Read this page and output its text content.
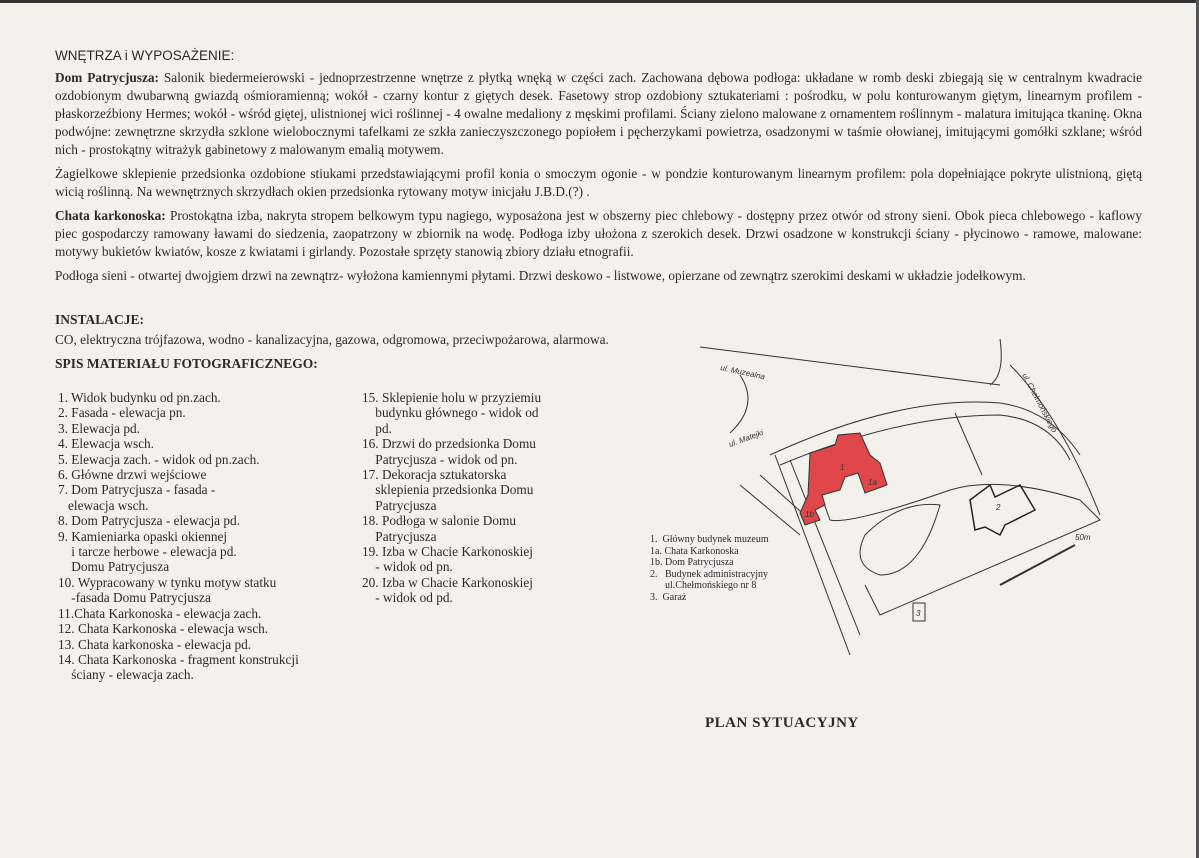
WNĘTRZA i WYPOSAŻENIE:
Dom Patrycjusza: Salonik biedermeierowski - jednoprzestrzenne wnętrze z płytką wnęką w części zach. Zachowana dębowa podłoga: układane w romb deski zbiegają się w centralnym kwadracie ozdobionym dwubarwną gwiazdą ośmioramienną; wokół - czarny kontur z giętych desek. Fasetowy strop ozdobiony sztukateriami : pośrodku, w polu konturowanym giętym, linearnym profilem - płaskorzeźbiony Hermes; wokół - wśród giętej, ulistnionej wici roślinnej - 4 owalne medaliony z męskimi profilami. Ściany zielono malowane z ornamentem roślinnym - malatura imitująca tkaninę. Okna podwójne: zewnętrzne skrzydła szklone wielobocznymi tafelkami ze szkła zanieczyszczonego popiołem i pęcherzykami powietrza, osadzonymi w taśmie ołowianej, imitującymi gomółki szklane; wśród nich - prostokątny witrażyk gabinetowy z malowanym emalią motywem.
Żagielkowe sklepienie przedsionka ozdobione stiukami przedstawiającymi profil konia o smoczym ogonie - w pondzie konturowanym linearnym profilem: pola dopełniające pokryte ulistnioną, giętą wicią roślinną. Na wewnętrznych skrzydłach okien przedsionka rytowany motyw inicjału J.B.D.(?) .
Chata karkonoska: Prostokątna izba, nakryta stropem belkowym typu nagiego, wyposażona jest w obszerny piec chlebowy - dostępny przez otwór od strony sieni. Obok pieca chlebowego - kaflowy piec gospodarczy ramowany ławami do siedzenia, zaopatrzony w zbiornik na wodę. Podłoga izby ułożona z szerokich desek. Drzwi osadzone w konstrukcji ściany - płycinowo - ramowe, malowane: motywy bukietów kwiatów, kosze z kwiatami i girlandy. Pozostałe sprzęty stanowią zbiory działu etnografii.
Podłoga sieni - otwartej dwojgiem drzwi na zewnątrz- wyłożona kamiennymi płytami. Drzwi deskowo - listwowe, opierzane od zewnątrz szerokimi deskami w układzie jodełkowym.
INSTALACJE:
CO, elektryczna trójfazowa, wodno - kanalizacyjna, gazowa, odgromowa, przeciwpożarowa, alarmowa.
SPIS MATERIAŁU FOTOGRAFICZNEGO:
1. Widok budynku od pn.zach.
2. Fasada - elewacja pn.
3. Elewacja pd.
4. Elewacja wsch.
5. Elewacja zach. - widok od pn.zach.
6. Główne drzwi wejściowe
7. Dom Patrycjusza - fasada -
elewacja wsch.
8. Dom Patrycjusza - elewacja pd.
9. Kamieniarka opaski okiennej
i tarcze herbowe - elewacja pd.
Domu Patrycjusza
10. Wypracowany w tynku motyw statku
-fasada Domu Patrycjusza
11.Chata Karkonoska - elewacja zach.
12. Chata Karkonoska - elewacja wsch.
13. Chata karkonoska - elewacja pd.
14. Chata Karkonoska - fragment konstrukcji
ściany - elewacja zach.
15. Sklepienie holu w przyziemiu
budynku głównego - widok od
pd.
16. Drzwi do przedsionka Domu
Patrycjusza - widok od pn.
17. Dekoracja sztukatorska
sklepienia przedsionka Domu
Patrycjusza
18. Podłoga w salonie Domu
Patrycjusza
19. Izba w Chacie Karkonoskiej
- widok od pn.
20. Izba w Chacie Karkonoskiej
- widok od pd.
2
1
1a
1b
3
50m
ul. Muzealna
ul. Matejki
ul. Chełmońskiego
1.  Główny budynek muzeum
1a. Chata Karkonoska
1b. Dom Patrycjusza
2.   Budynek administracyjny
ul.Chełmońskiego nr 8
3.  Garaż
PLAN SYTUACYJNY
